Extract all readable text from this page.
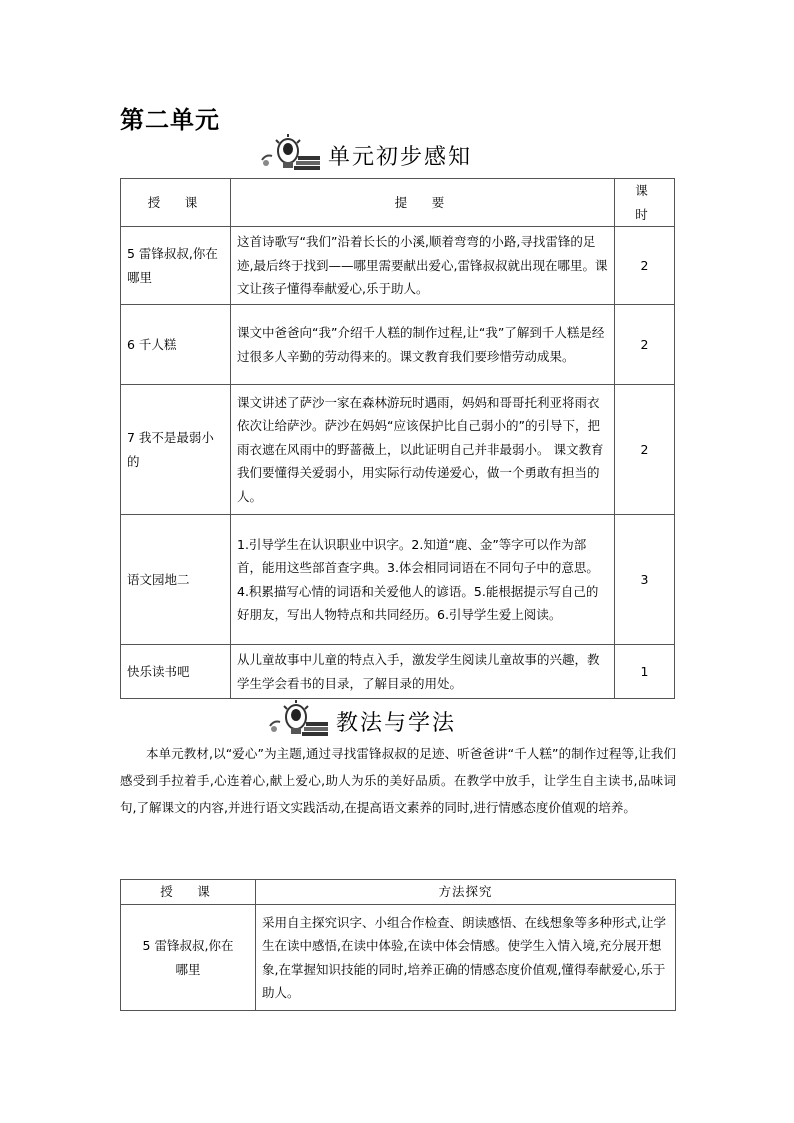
第二单元
单元初步感知
授　课	提　要	课　时
5 雷锋叔叔,你在哪里	这首诗歌写“我们”沿着长长的小溪,顺着弯弯的小路,寻找雷锋的足迹,最后终于找到——哪里需要献出爱心,雷锋叔叔就出现在哪里。课文让孩子懂得奉献爱心,乐于助人。	2
6 千人糕	课文中爸爸向“我”介绍千人糕的制作过程,让“我”了解到千人糕是经过很多人辛勤的劳动得来的。课文教育我们要珍惜劳动成果。	2
7 我不是最弱小的	课文讲述了萨沙一家在森林游玩时遇雨，妈妈和哥哥托利亚将雨衣依次让给萨沙。萨沙在妈妈“应该保护比自己弱小的”的引导下，把雨衣遮在风雨中的野蔷薇上，以此证明自己并非最弱小。 课文教育我们要懂得关爱弱小，用实际行动传递爱心，做一个勇敢有担当的人。	2
语文园地二	1.引导学生在认识职业中识字。2.知道“鹿、金”等字可以作为部首，能用这些部首查字典。3.体会相同词语在不同句子中的意思。4.积累描写心情的词语和关爱他人的谚语。5.能根据提示写自己的好朋友，写出人物特点和共同经历。6.引导学生爱上阅读。	3
快乐读书吧	从儿童故事中儿童的特点入手，激发学生阅读儿童故事的兴趣，教学生学会看书的目录，了解目录的用处。	1
教法与学法
本单元教材,以“爱心”为主题,通过寻找雷锋叔叔的足迹、听爸爸讲“千人糕”的制作过程等,让我们感受到手拉着手,心连着心,献上爱心,助人为乐的美好品质。在教学中放手，让学生自主读书,品味词句,了解课文的内容,并进行语文实践活动,在提高语文素养的同时,进行情感态度价值观的培养。
授　课	方法探究
5 雷锋叔叔,你在哪里	采用自主探究识字、小组合作检查、朗读感悟、在线想象等多种形式,让学生在读中感悟,在读中体验,在读中体会情感。使学生入情入境,充分展开想象,在掌握知识技能的同时,培养正确的情感态度价值观,懂得奉献爱心,乐于助人。
